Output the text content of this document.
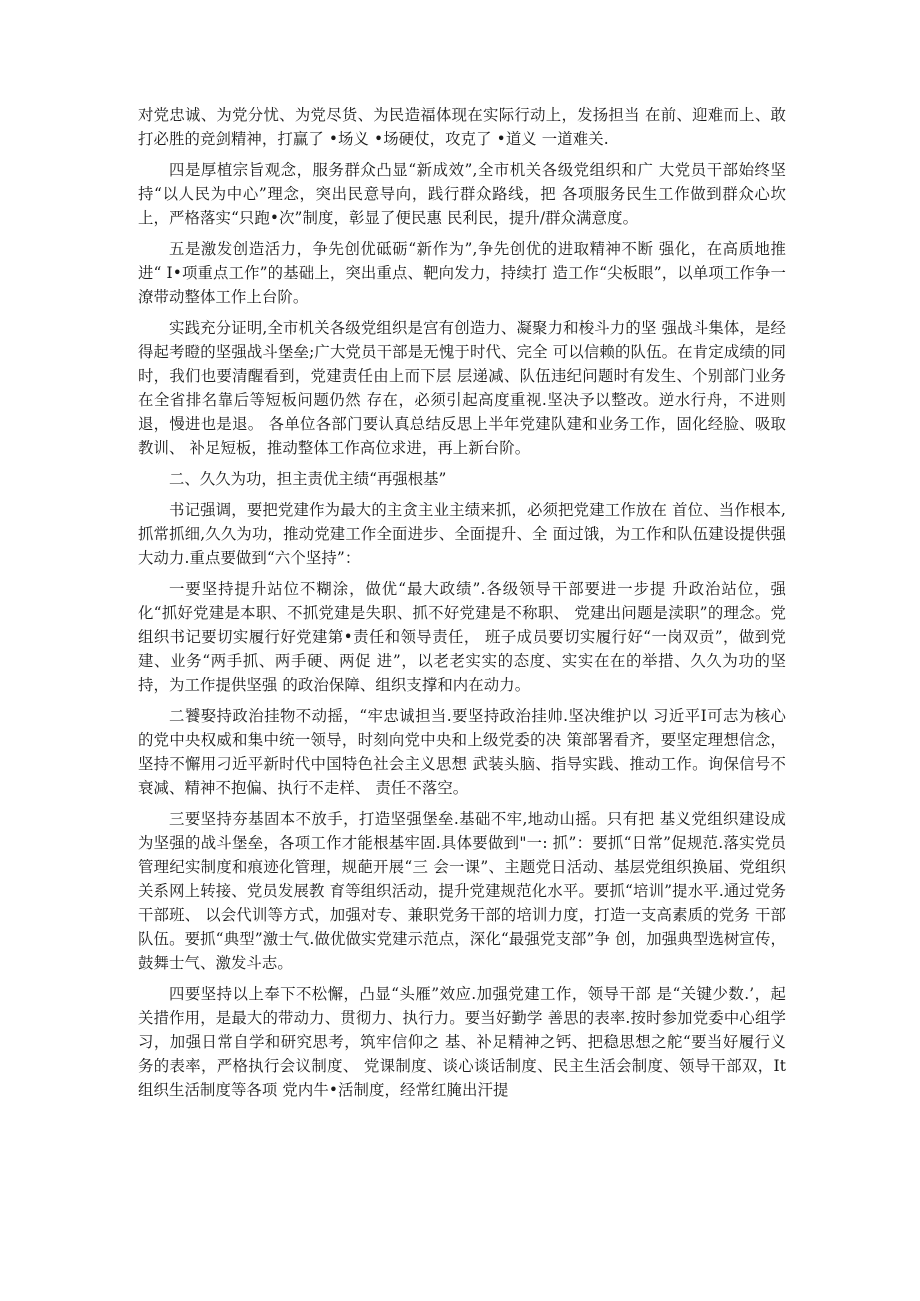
对党忠诚、为党分忧、为党尽货、为民造福体现在实际行动上，发扬担当 在前、迎难而上、敢打必胜的竞剑精神，打赢了 •场义 •场硬仗，攻克了 •道义 一道难关.

四是厚植宗旨观念，服务群众凸显“新成效”,全市机关各级党组织和广 大党员干部始终坚持“以人民为中心”理念，突出民意导向，践行群众路线，把 各项服务民生工作做到群众心坎上，严格落实“只跑•次”制度，彰显了便民惠 民利民，提升/群众满意度。

五是激发创造活力，争先创优砥砺“新作为”,争先创优的进取精神不断 强化，在高质地推进“ I•项重点工作”的基础上，突出重点、靶向发力，持续打 造工作“尖板眼”，以单项工作争一潦带动整体工作上台阶。

实践充分证明,全市机关各级党组织是宫有创造力、凝聚力和梭斗力的坚 强战斗集体，是经得起考瞪的坚强战斗堡垒;广大党员干部是无愧于时代、完全 可以信赖的队伍。在肯定成绩的同时，我们也要清醒看到，党建责任由上而下层 层递减、队伍违纪问题时有发生、个别部门业务在全省排名靠后等短板问题仍然 存在，必须引起高度重视.坚决予以整改。逆水行舟，不进则退，慢进也是退。 各单位各部门要认真总结反思上半年党建队建和业务工作，固化经脸、吸取教训、 补足短板，推动整体工作高位求进，再上新台阶。

二、久久为功，担主责优主绩“再强根基”

书记强调，要把党建作为最大的主贪主业主绩来抓，必须把党建工作放在 首位、当作根本,抓常抓细,久久为功，推动党建工作全面进步、全面提升、全 面过饿，为工作和队伍建设提供强大动力.重点要做到“六个坚持”：

一要坚持提升站位不糊涂，做优“最大政绩”.各级领导干部要进一步提 升政治站位，强化“抓好党建是本职、不抓党建是失职、抓不好党建是不称职、 党建出问题是渎职”的理念。党组织书记要切实履行好党建第•责任和领导责任， 班子成员要切实履行好“一岗双贡”，做到党建、业务“两手抓、两手硬、两促 进”，以老老实实的态度、实实在在的举措、久久为功的坚持，为工作提供坚强 的政治保障、组织支撑和内在动力。

二饕娶持政治挂物不动摇，“牢忠诚担当.要坚持政治挂帅.坚决维护以 习近平I可志为核心的党中央权威和集中统一领导，时刻向党中央和上级党委的决 策部署看齐，要坚定理想信念，坚持不懈用刁近平新时代中国特色社会主义思想 武装头脑、指导实践、推动工作。询保信号不衰减、精神不抱偏、执行不走样、 责任不落空。

三要坚持夯基固本不放手，打造坚强堡垒.基础不牢,地动山摇。只有把 基义党组织建设成为坚强的战斗堡垒，各项工作才能根基牢固.具体要做到"一: 抓”：要抓“日常”促规范.落实党员管理纪实制度和痕迹化管理，规葩开展“三 会一课”、主题党日活动、基层党组织换届、党组织关系网上转接、党员发展教 育等组织活动，提升党建规范化水平。要抓“培训”提水平.通过党务干部班、 以会代训等方式，加强对专、兼职党务干部的培训力度，打造一支高素质的党务 干部队伍。要抓“典型”激士气.做优做实党建示范点，深化“最强党支部”争 创，加强典型选树宣传，鼓舞士气、激发斗志。

四要坚持以上奉下不松懈，凸显“头雁”效应.加强党建工作，领导干部 是“关键少数.’，起关措作用，是最大的带动力、贯彻力、执行力。要当好勤学 善思的表率.按时参加党委中心组学习，加强日常自学和研究思考，筑牢信仰之 基、补足精神之钙、把稳思想之舵“要当好履行义务的表率，严格执行会议制度、 党课制度、谈心谈话制度、民主生活会制度、领导干部双，It组织生活制度等各项 党内牛•活制度，经常红腌出汗提
